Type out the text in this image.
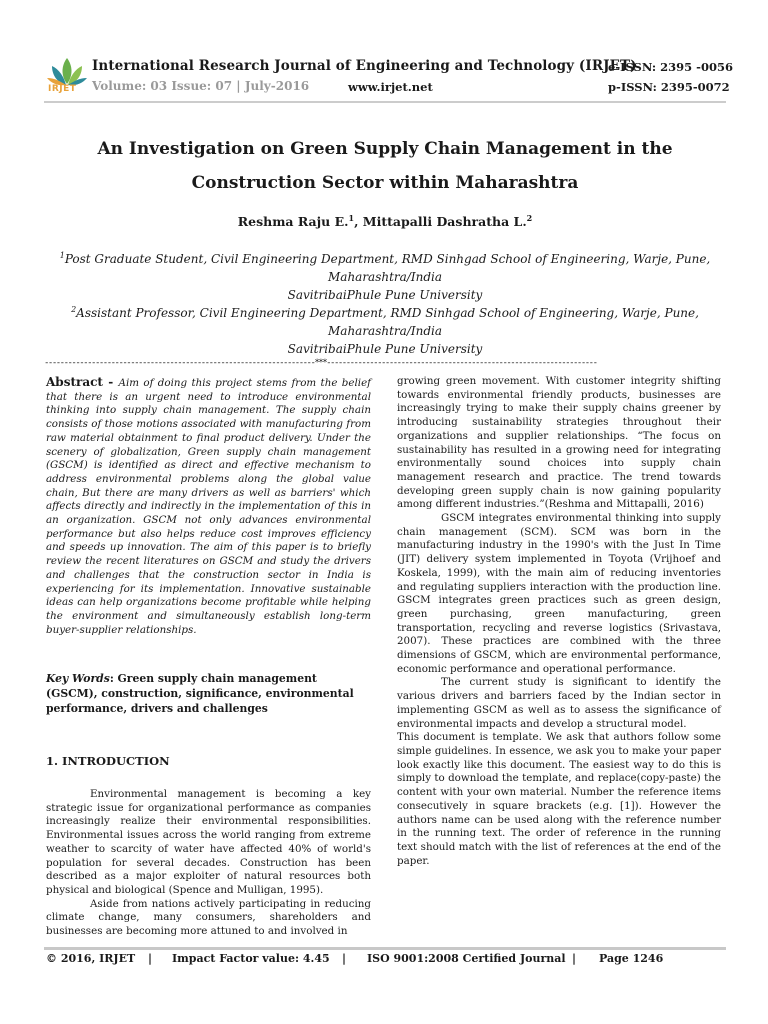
IRJET
International Research Journal of Engineering and Technology (IRJET)
e-ISSN: 2395 -0056
Volume: 03 Issue: 07 | July-2016	www.irjet.net	p-ISSN: 2395-0072
An Investigation on Green Supply Chain Management in the
Construction Sector within Maharashtra
Reshma Raju E.$^1$, Mittapalli Dashratha L.$^2$
$^1$Post Graduate Student, Civil Engineering Department, RMD Sinhgad School of Engineering, Warje, Pune,
Maharashtra/India
SavitribaiPhule Pune University
$^2$Assistant Professor, Civil Engineering Department, RMD Sinhgad School of Engineering, Warje, Pune,
Maharashtra/India
SavitribaiPhule Pune University
---------------------------------------------------------------------***---------------------------------------------------------------------

Abstract - Aim of doing this project stems from the belief that there is an urgent need to introduce environmental thinking into supply chain management. The supply chain consists of those motions associated with manufacturing from raw material obtainment to final product delivery. Under the scenery of globalization, Green supply chain management (GSCM) is identified as direct and effective mechanism to address environmental problems along the global value chain, But there are many drivers as well as barriers' which affects directly and indirectly in the implementation of this in an organization. GSCM not only advances environmental performance but also helps reduce cost improves efficiency and speeds up innovation. The aim of this paper is to briefly review the recent literatures on GSCM and study the drivers and challenges that the construction sector in India is experiencing for its implementation. Innovative sustainable ideas can help organizations become profitable while helping the environment and simultaneously establish long-term buyer-supplier relationships.

Key Words: Green supply chain management (GSCM), construction, significance, environmental performance, drivers and challenges

1. INTRODUCTION

Environmental management is becoming a key strategic issue for organizational performance as companies increasingly realize their environmental responsibilities. Environmental issues across the world ranging from extreme weather to scarcity of water have affected 40% of world's population for several decades. Construction has been described as a major exploiter of natural resources both physical and biological (Spence and Mulligan, 1995).

Aside from nations actively participating in reducing climate change, many consumers, shareholders and businesses are becoming more attuned to and involved in

growing green movement. With customer integrity shifting towards environmental friendly products, businesses are increasingly trying to make their supply chains greener by introducing sustainability strategies throughout their organizations and supplier relationships. “The focus on sustainability has resulted in a growing need for integrating environmentally sound choices into supply chain management research and practice. The trend towards developing green supply chain is now gaining popularity among different industries.”(Reshma and Mittapalli, 2016)

GSCM integrates environmental thinking into supply chain management (SCM). SCM was born in the manufacturing industry in the 1990's with the Just In Time (JIT) delivery system implemented in Toyota (Vrijhoef and Koskela, 1999), with the main aim of reducing inventories and regulating suppliers interaction with the production line. GSCM integrates green practices such as green design, green purchasing, green manufacturing, green transportation, recycling and reverse logistics (Srivastava, 2007). These practices are combined with the three dimensions of GSCM, which are environmental performance, economic performance and operational performance.

The current study is significant to identify the various drivers and barriers faced by the Indian sector in implementing GSCM as well as to assess the significance of environmental impacts and develop a structural model.

This document is template. We ask that authors follow some simple guidelines. In essence, we ask you to make your paper look exactly like this document. The easiest way to do this is simply to download the template, and replace(copy-paste) the content with your own material. Number the reference items consecutively in square brackets (e.g. [1]). However the authors name can be used along with the reference number in the running text. The order of reference in the running text should match with the list of references at the end of the paper.

© 2016, IRJET | Impact Factor value: 4.45 | ISO 9001:2008 Certified Journal | Page 1246
